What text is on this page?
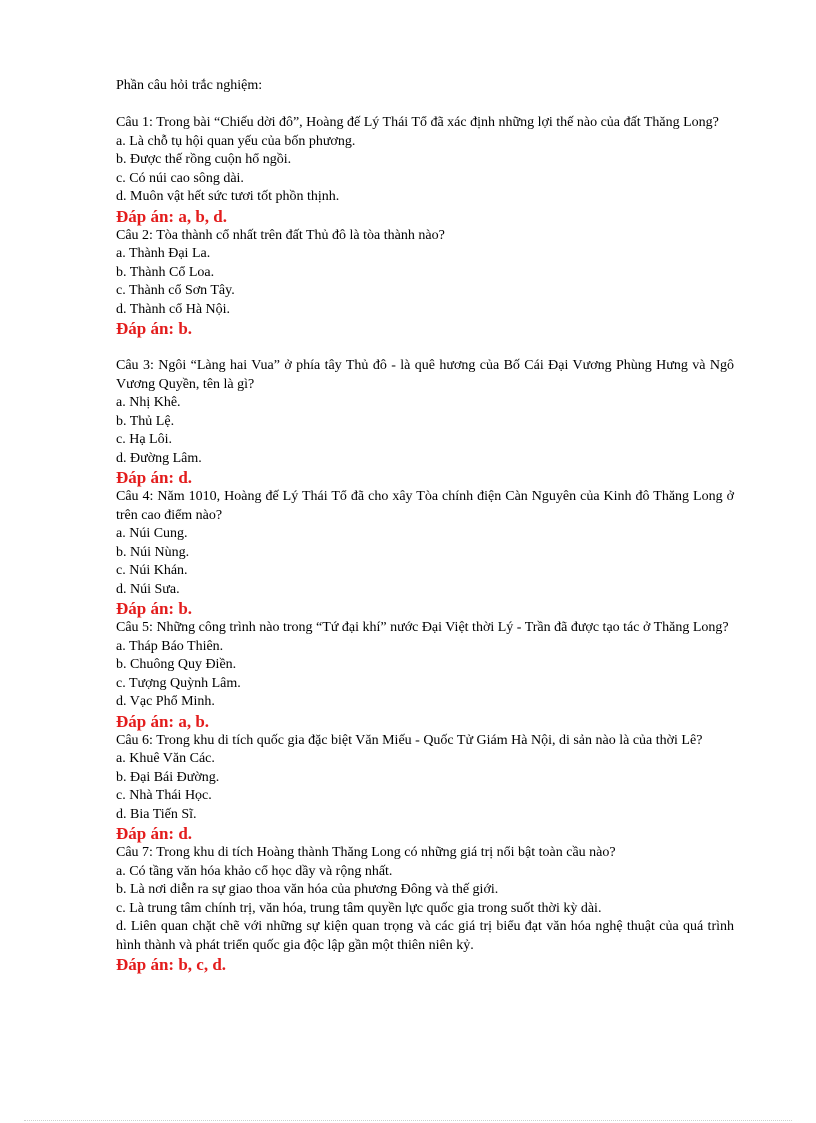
Phần câu hỏi trắc nghiệm:

Câu 1: Trong bài “Chiếu dời đô”, Hoàng đế Lý Thái Tổ đã xác định những lợi thế nào của đất Thăng Long?

a. Là chỗ tụ hội quan yếu của bốn phương.

b. Được thế rồng cuộn hổ ngồi.

c. Có núi cao sông dài.

d. Muôn vật hết sức tươi tốt phồn thịnh.

Đáp án: a, b, d.

Câu 2: Tòa thành cổ nhất trên đất Thủ đô là tòa thành nào?

a. Thành Đại La.

b. Thành Cổ Loa.

c. Thành cổ Sơn Tây.

d. Thành cổ Hà Nội.

Đáp án: b.

Câu 3: Ngôi “Làng hai Vua” ở phía tây Thủ đô - là quê hương của Bố Cái Đại Vương Phùng Hưng và Ngô Vương Quyền, tên là gì?

a. Nhị Khê.

b. Thủ Lệ.

c. Hạ Lôi.

d. Đường Lâm.

Đáp án: d.

Câu 4: Năm 1010, Hoàng đế Lý Thái Tổ đã cho xây Tòa chính điện Càn Nguyên của Kinh đô Thăng Long ở trên cao điểm nào?

a. Núi Cung.

b. Núi Nùng.

c. Núi Khán.

d. Núi Sưa.

Đáp án: b.

Câu 5: Những công trình nào trong “Tứ đại khí” nước Đại Việt thời Lý - Trần đã được tạo tác ở Thăng Long?

a. Tháp Báo Thiên.

b. Chuông Quy Điền.

c. Tượng Quỳnh Lâm.

d. Vạc Phổ Minh.

Đáp án: a, b.

Câu 6: Trong khu di tích quốc gia đặc biệt Văn Miếu - Quốc Tử Giám Hà Nội, di sản nào là của thời Lê?

a. Khuê Văn Các.

b. Đại Bái Đường.

c. Nhà Thái Học.

d. Bia Tiến Sĩ.

Đáp án: d.

Câu 7: Trong khu di tích Hoàng thành Thăng Long có những giá trị nổi bật toàn cầu nào?

a. Có tầng văn hóa khảo cổ học dầy và rộng nhất.

b. Là nơi diễn ra sự giao thoa văn hóa của phương Đông và thế giới.

c. Là trung tâm chính trị, văn hóa, trung tâm quyền lực quốc gia trong suốt thời kỳ dài.

d. Liên quan chặt chẽ với những sự kiện quan trọng và các giá trị biểu đạt văn hóa nghệ thuật của quá trình hình thành và phát triển quốc gia độc lập gần một thiên niên kỷ.

Đáp án: b, c, d.
